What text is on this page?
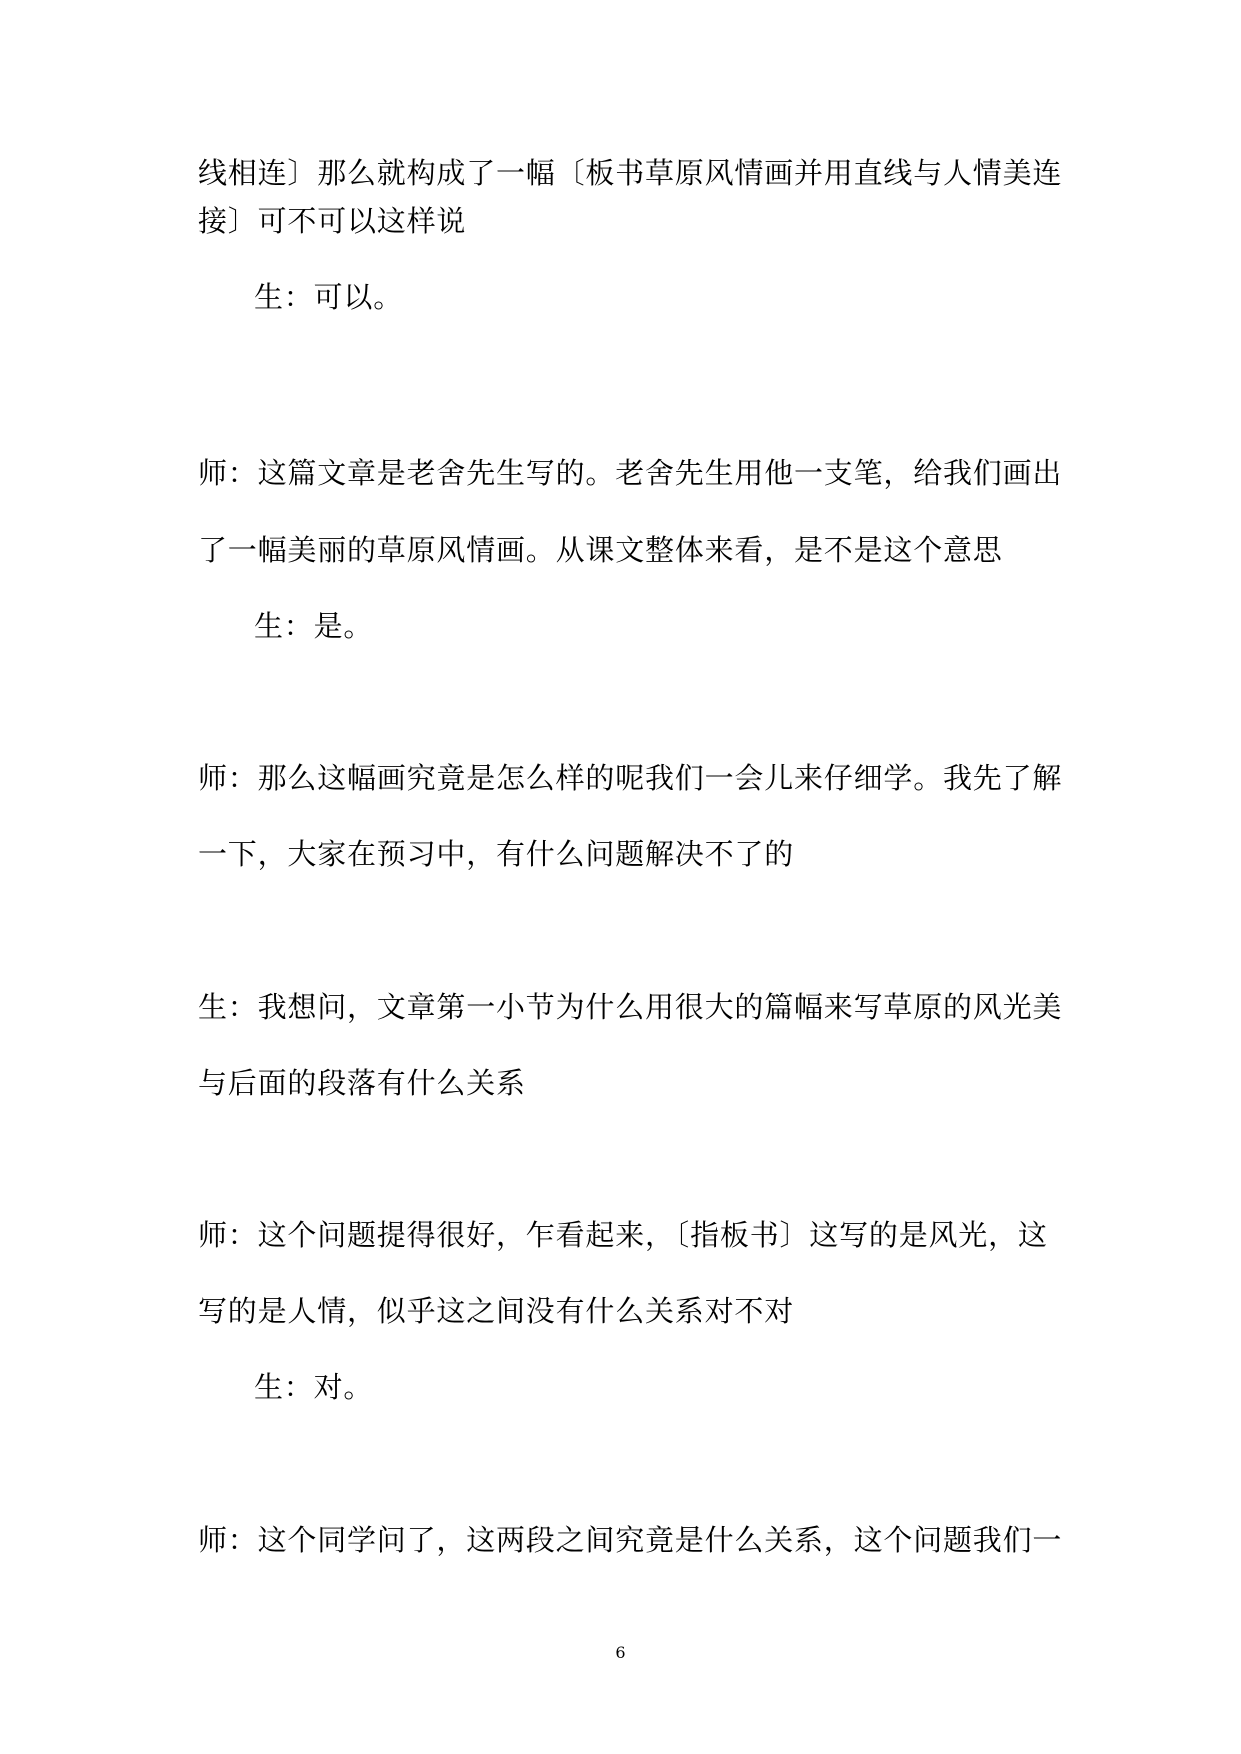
线相连〕那么就构成了一幅〔板书草原风情画并用直线与人情美连
接〕可不可以这样说
生：可以。
师：这篇文章是老舍先生写的。老舍先生用他一支笔，给我们画出
了一幅美丽的草原风情画。从课文整体来看，是不是这个意思
生：是。
师：那么这幅画究竟是怎么样的呢我们一会儿来仔细学。我先了解
一下，大家在预习中，有什么问题解决不了的
生：我想问，文章第一小节为什么用很大的篇幅来写草原的风光美
与后面的段落有什么关系
师：这个问题提得很好，乍看起来，〔指板书〕这写的是风光，这
写的是人情，似乎这之间没有什么关系对不对
生：对。
师：这个同学问了，这两段之间究竟是什么关系，这个问题我们一
6
